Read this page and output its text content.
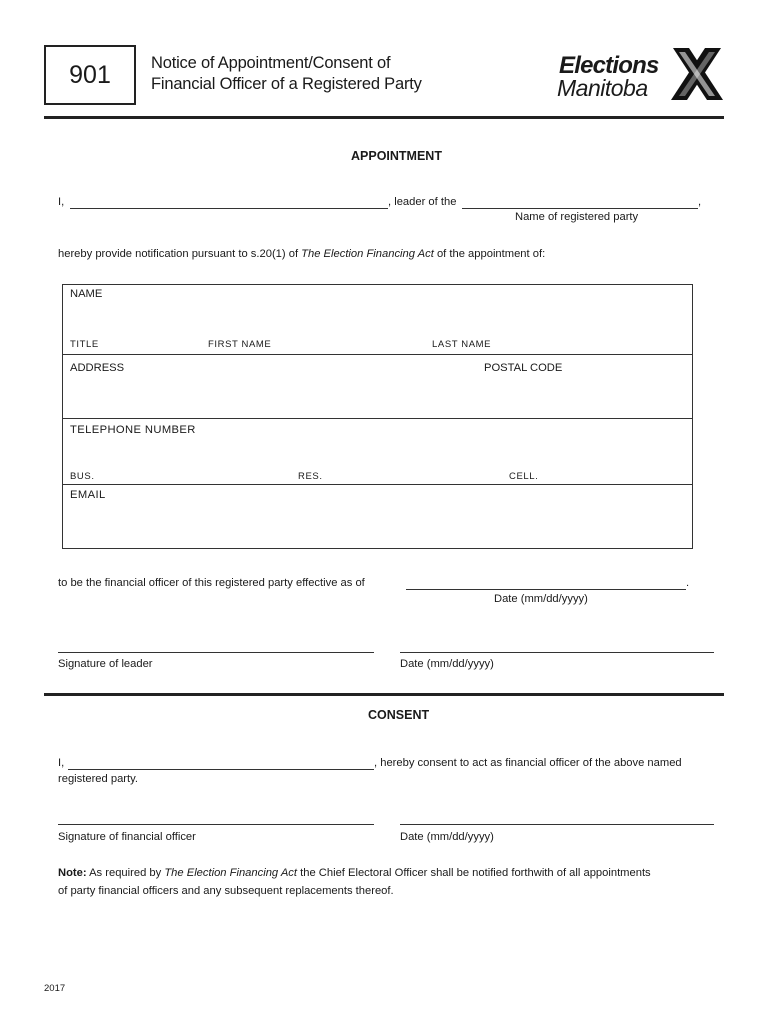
901 Notice of Appointment/Consent of
Financial Officer of a Registered Party
Elections
Manitoba
APPOINTMENT
I,	, leader of the	,
Name of registered party
hereby provide notification pursuant to s.20(1) of The Election Financing Act of the appointment of:
NAME
TITLE	FIRST NAME	LAST NAME
ADDRESS	POSTAL CODE
TELEPHONE NUMBER
BUS.	RES.	CELL.
EMAIL
to be the financial officer of this registered party effective as of	.
Date (mm/dd/yyyy)
Signature of leader	Date (mm/dd/yyyy)
CONSENT
I,	, hereby consent to act as financial officer of the above named
registered party.
Signature of financial officer	Date (mm/dd/yyyy)
Note: As required by The Election Financing Act the Chief Electoral Officer shall be notified forthwith of all appointments
of party financial officers and any subsequent replacements thereof.
2017
